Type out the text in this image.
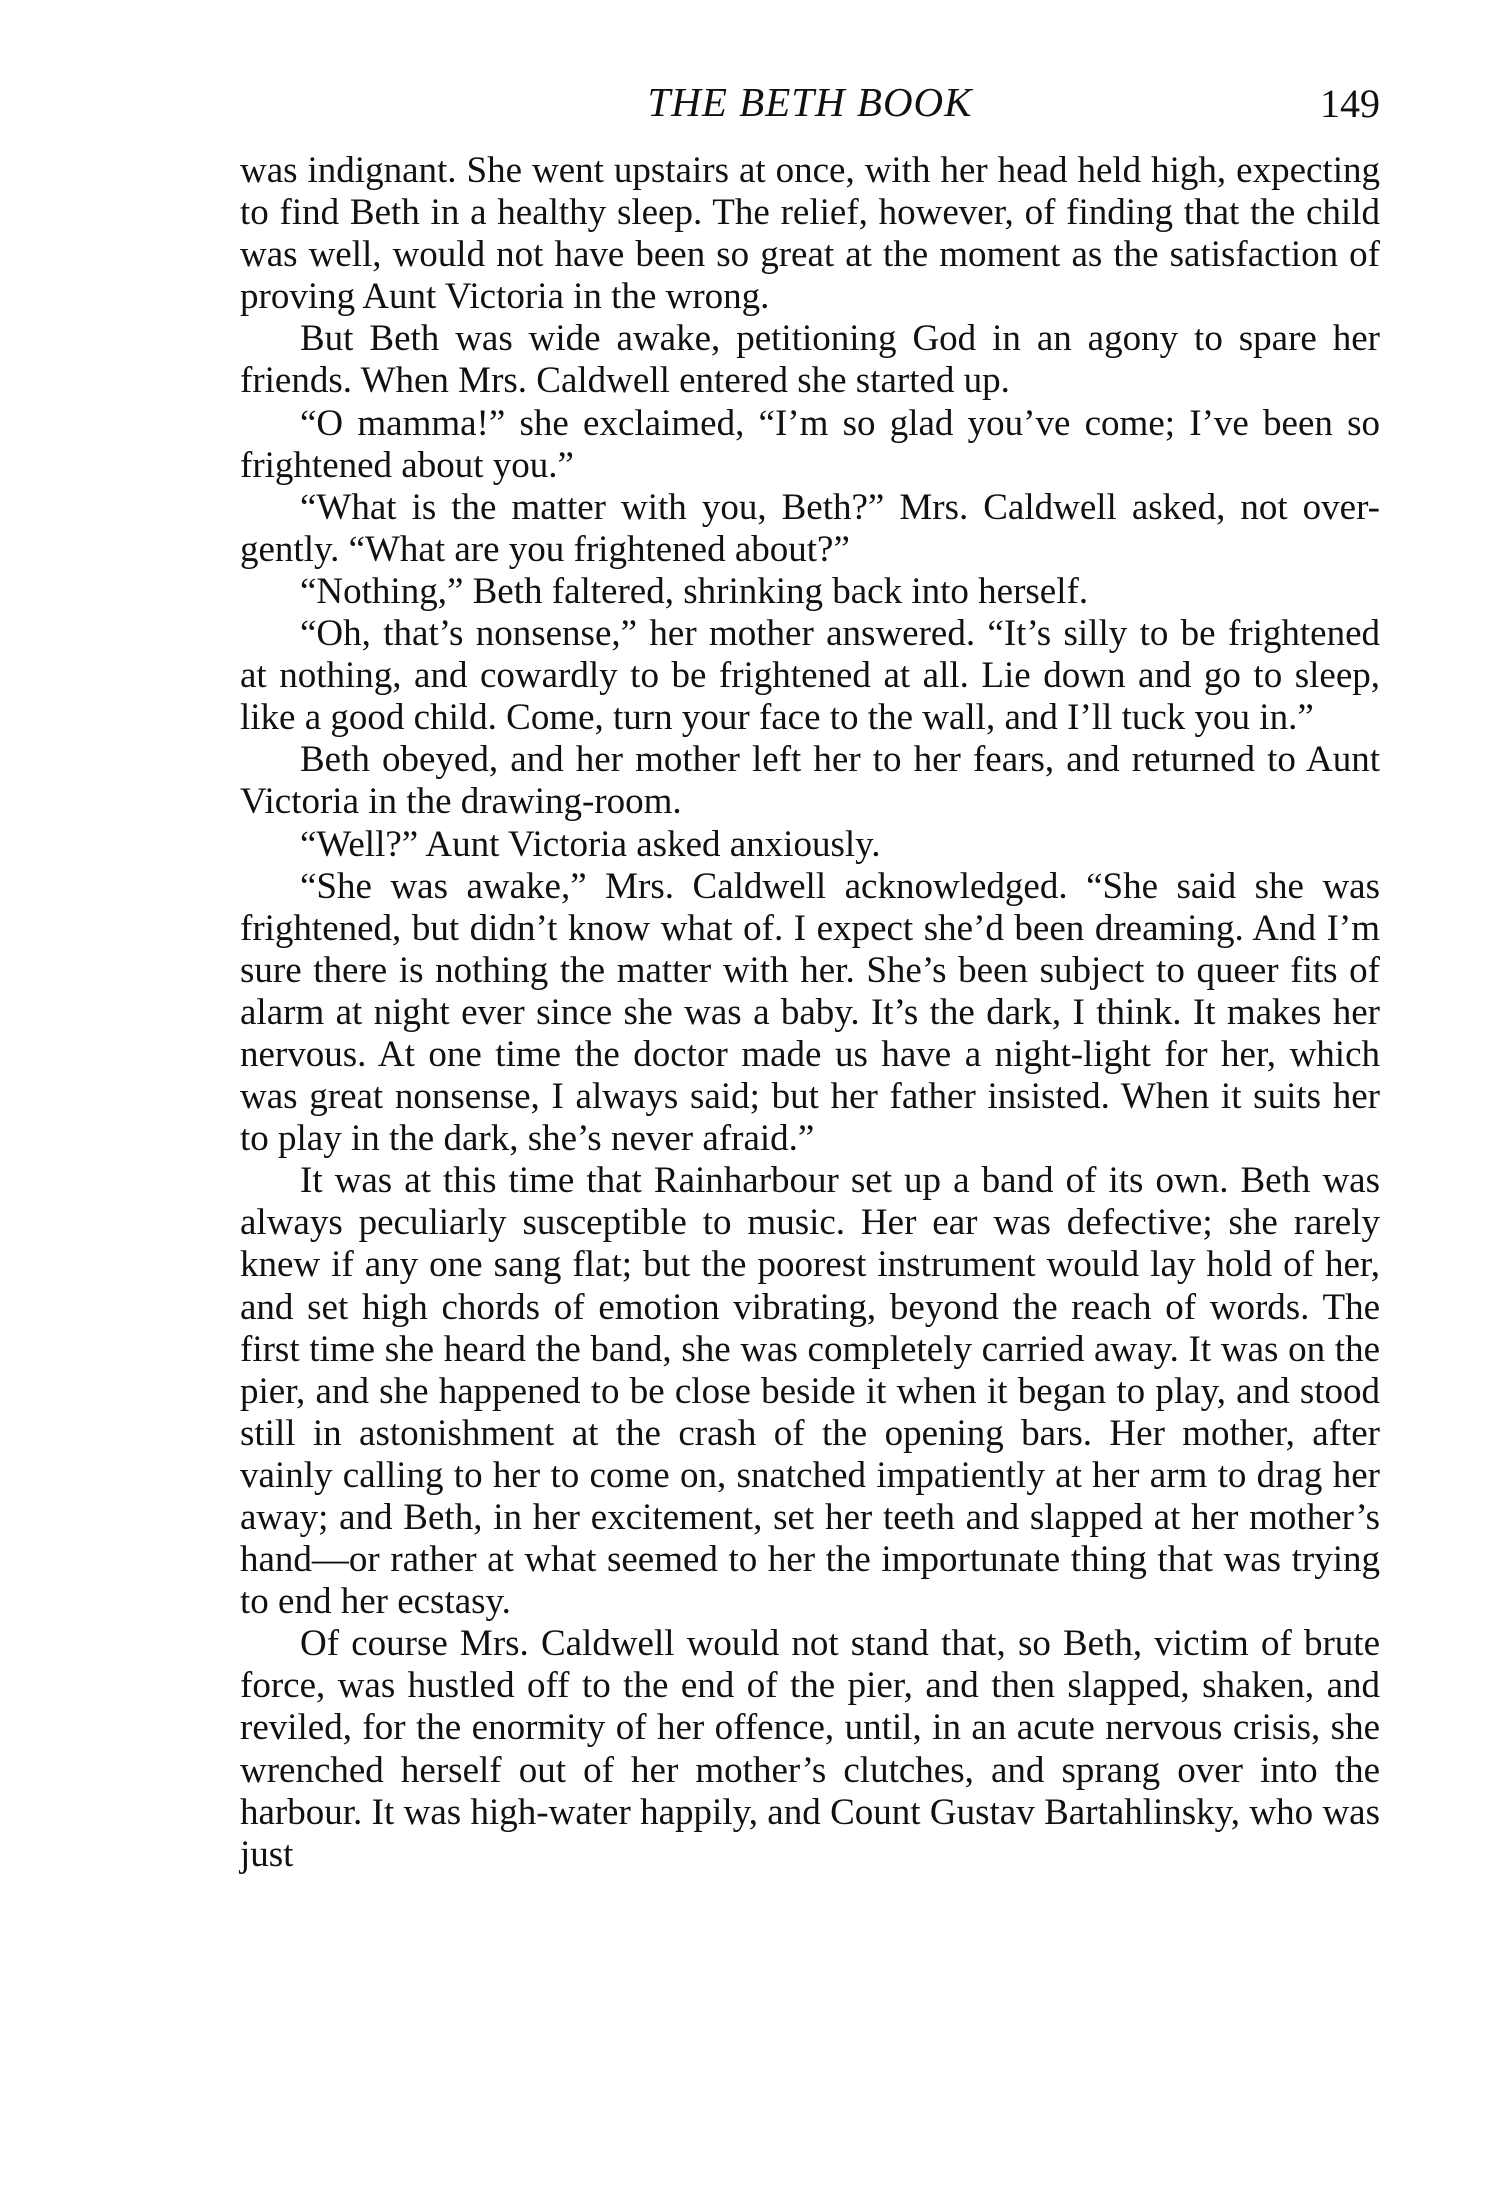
THE BETH BOOK	149

was indignant. She went upstairs at once, with her head held high, expecting to find Beth in a healthy sleep. The relief, however, of finding that the child was well, would not have been so great at the moment as the satisfaction of proving Aunt Victoria in the wrong.

But Beth was wide awake, petitioning God in an agony to spare her friends. When Mrs. Caldwell entered she started up.

“O mamma!” she exclaimed, “I’m so glad you’ve come; I’ve been so frightened about you.”

“What is the matter with you, Beth?” Mrs. Caldwell asked, not over-gently. “What are you frightened about?”

“Nothing,” Beth faltered, shrinking back into herself.

“Oh, that’s nonsense,” her mother answered. “It’s silly to be frightened at nothing, and cowardly to be frightened at all. Lie down and go to sleep, like a good child. Come, turn your face to the wall, and I’ll tuck you in.”

Beth obeyed, and her mother left her to her fears, and returned to Aunt Victoria in the drawing-room.

“Well?” Aunt Victoria asked anxiously.

“She was awake,” Mrs. Caldwell acknowledged. “She said she was frightened, but didn’t know what of. I expect she’d been dreaming. And I’m sure there is nothing the matter with her. She’s been subject to queer fits of alarm at night ever since she was a baby. It’s the dark, I think. It makes her nervous. At one time the doctor made us have a night-light for her, which was great nonsense, I always said; but her father insisted. When it suits her to play in the dark, she’s never afraid.”

It was at this time that Rainharbour set up a band of its own. Beth was always peculiarly susceptible to music. Her ear was defective; she rarely knew if any one sang flat; but the poorest instrument would lay hold of her, and set high chords of emotion vibrating, beyond the reach of words. The first time she heard the band, she was completely carried away. It was on the pier, and she happened to be close beside it when it began to play, and stood still in astonishment at the crash of the opening bars. Her mother, after vainly calling to her to come on, snatched impatiently at her arm to drag her away; and Beth, in her excitement, set her teeth and slapped at her mother’s hand—or rather at what seemed to her the importunate thing that was trying to end her ecstasy.

Of course Mrs. Caldwell would not stand that, so Beth, victim of brute force, was hustled off to the end of the pier, and then slapped, shaken, and reviled, for the enormity of her offence, until, in an acute nervous crisis, she wrenched herself out of her mother’s clutches, and sprang over into the harbour. It was high-water happily, and Count Gustav Bartahlinsky, who was just
